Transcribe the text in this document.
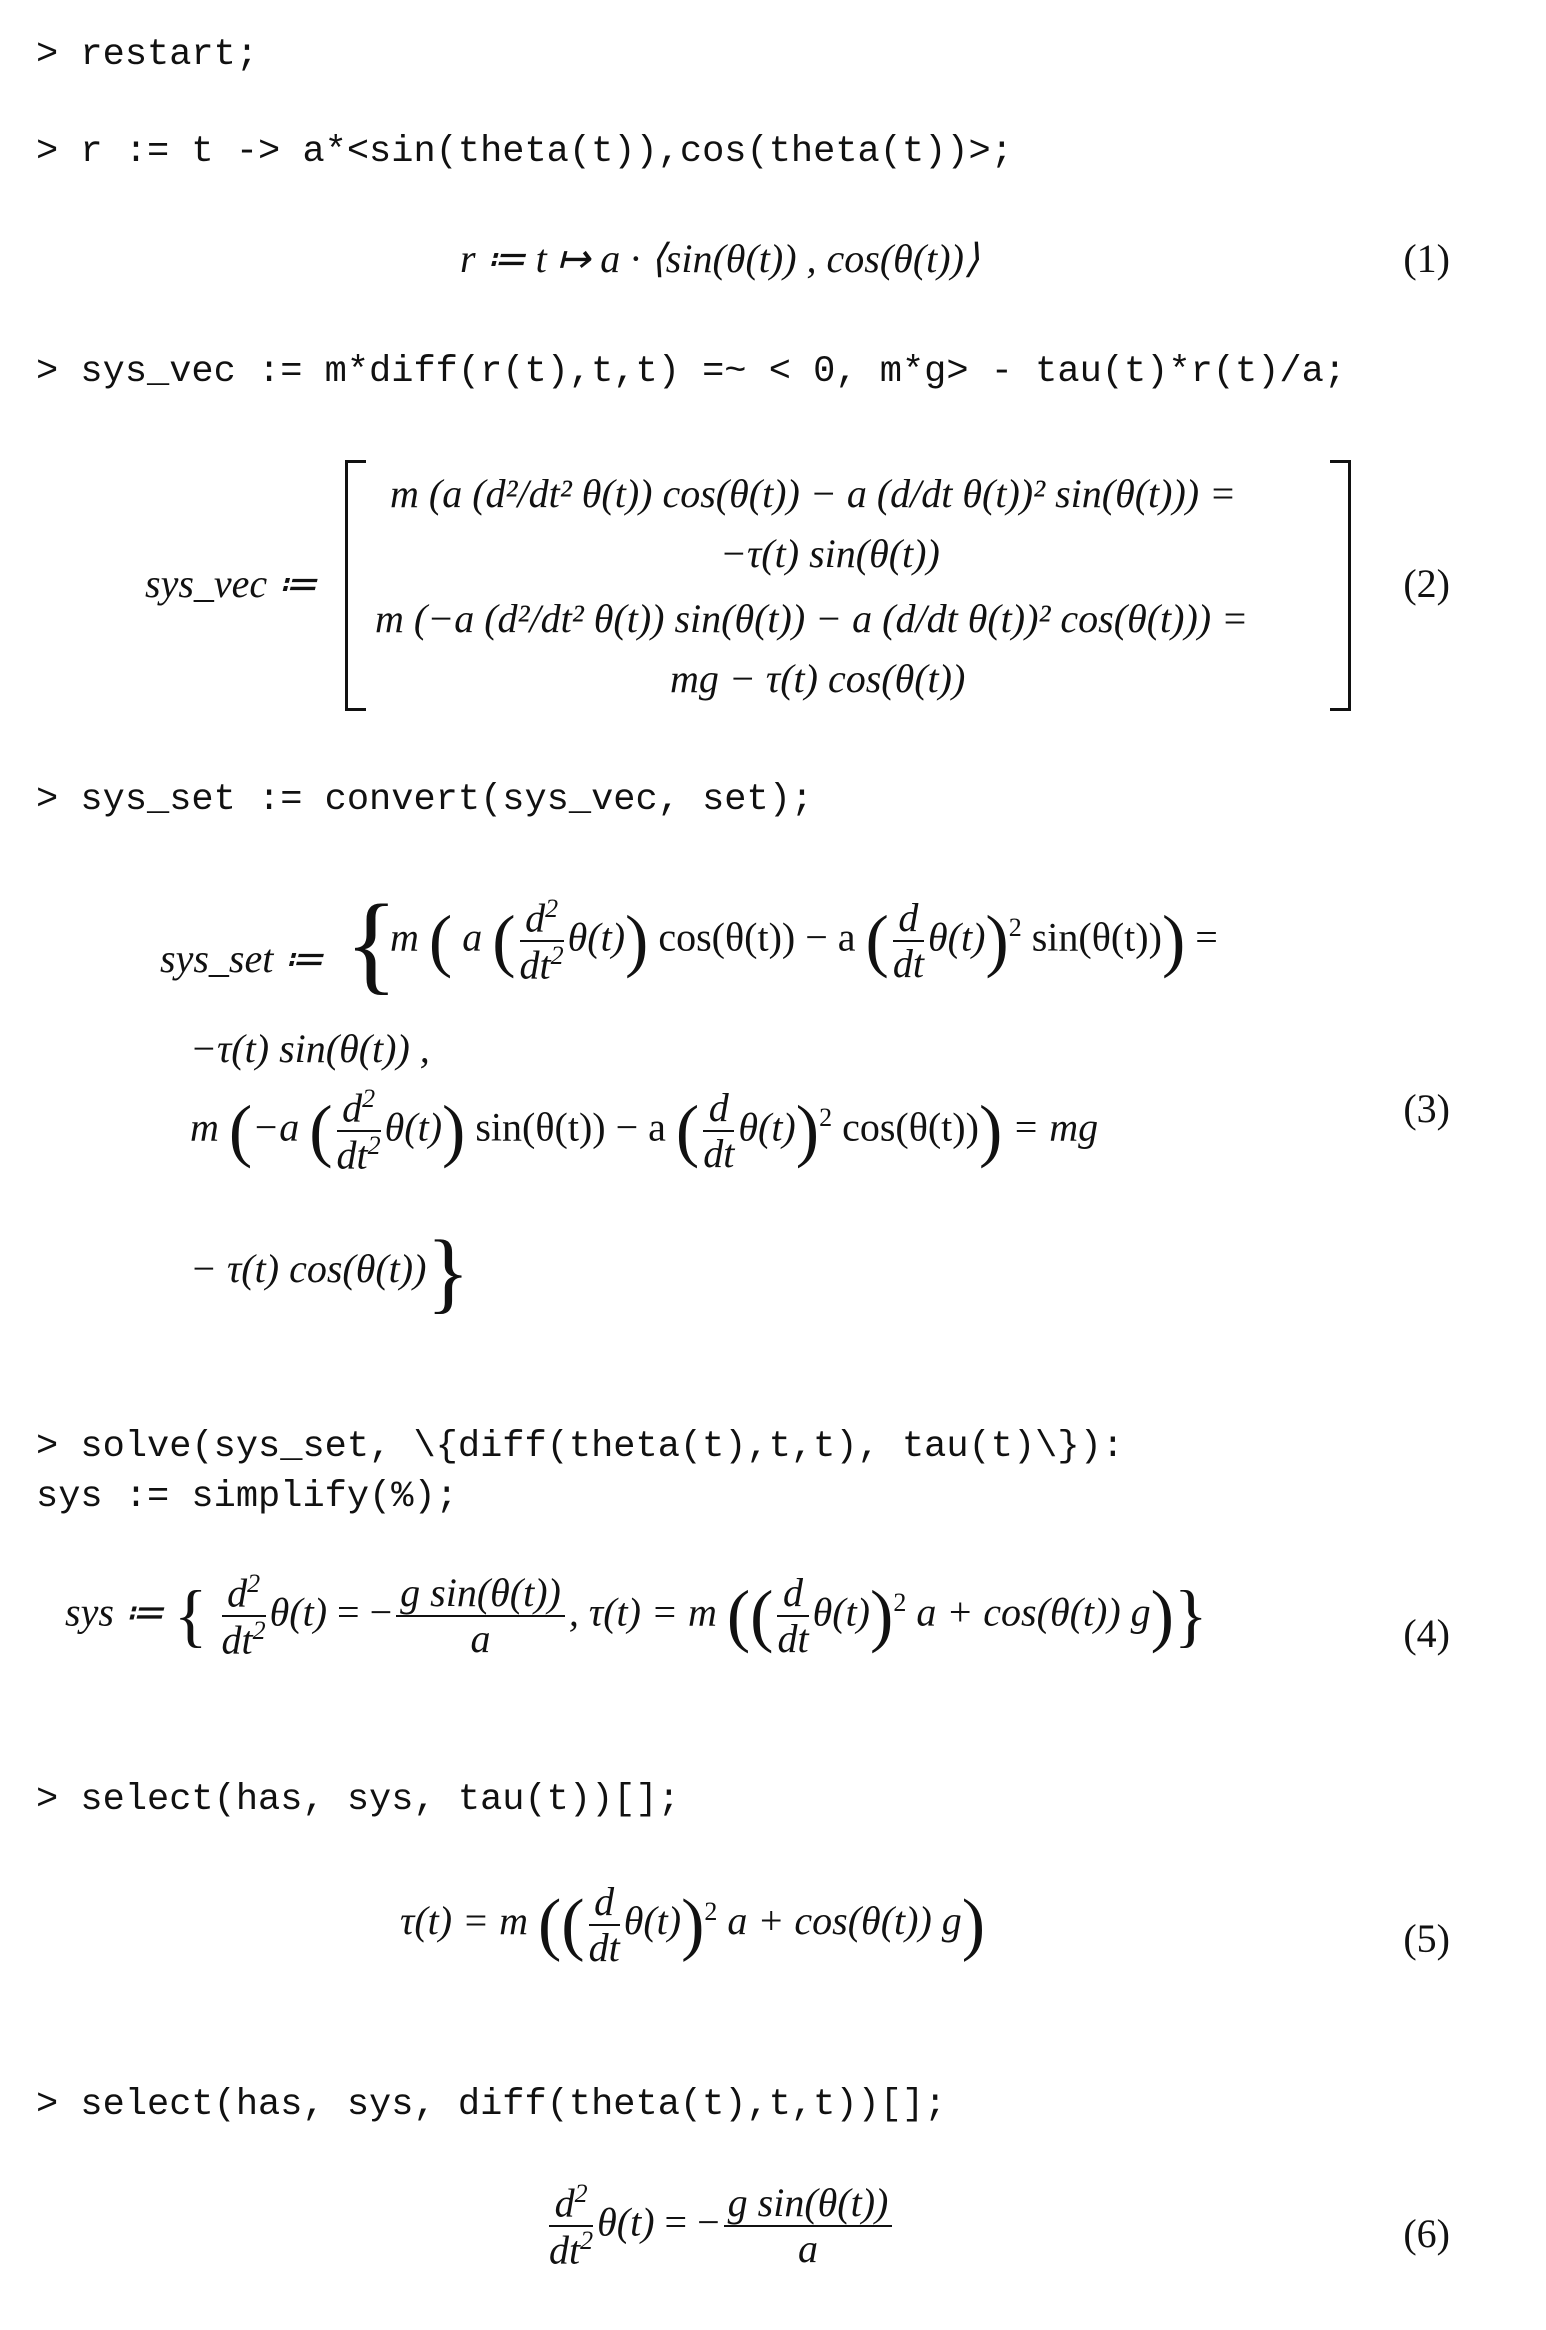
> restart;
> r := t -> a*<sin(theta(t)),cos(theta(t))>;
> sys_vec := m*diff(r(t),t,t) =~ < 0, m*g> - tau(t)*r(t)/a;
> sys_set := convert(sys_vec, set);
> solve(sys_set, \{diff(theta(t),t,t), tau(t)\}):
sys := simplify(%);
> select(has, sys, tau(t))[];
> select(has, sys, diff(theta(t),t,t))[];
r ≔ t ↦ a · ⟨sin(θ(t)) , cos(θ(t))⟩	(1)
sys_vec ≔
m (a (d²/dt² θ(t)) cos(θ(t)) − a (d/dt θ(t))² sin(θ(t))) =
−τ(t) sin(θ(t))
m (−a (d²/dt² θ(t)) sin(θ(t)) − a (d/dt θ(t))² cos(θ(t))) =
mg − τ(t) cos(θ(t))
(2)
sys_set ≔ {
m ( a ( $\frac{d^2}{dt^2} \theta(t)$) cos(θ(t)) − a ( $\frac{d}{dt} \theta(t))^2$ sin(θ(t))) =
−τ(t) sin(θ(t)) ,
m (−a ( $\frac{d^2}{dt^2} \theta(t)$) sin(θ(t)) − a ( $\frac{d}{dt} \theta(t))^2$ cos(θ(t))) = mg
− τ(t) cos(θ(t))}
(3)
sys ≔ { $\frac{d^2}{dt^2} \theta(t)$ = − $\frac{\text{g sin(θ(t))}}{a}$ , τ(t) = m (( $\frac{d}{dt} \theta(t))^2$ a + cos(θ(t)) g)}	(4)
τ(t) = m (( $\frac{d}{dt} \theta(t))^2$ a + cos(θ(t)) g)	(5)
$\frac{d^2}{dt^2} \theta(t)$ = − $\frac{\text{g sin(θ(t))}}{a}$	(6)
